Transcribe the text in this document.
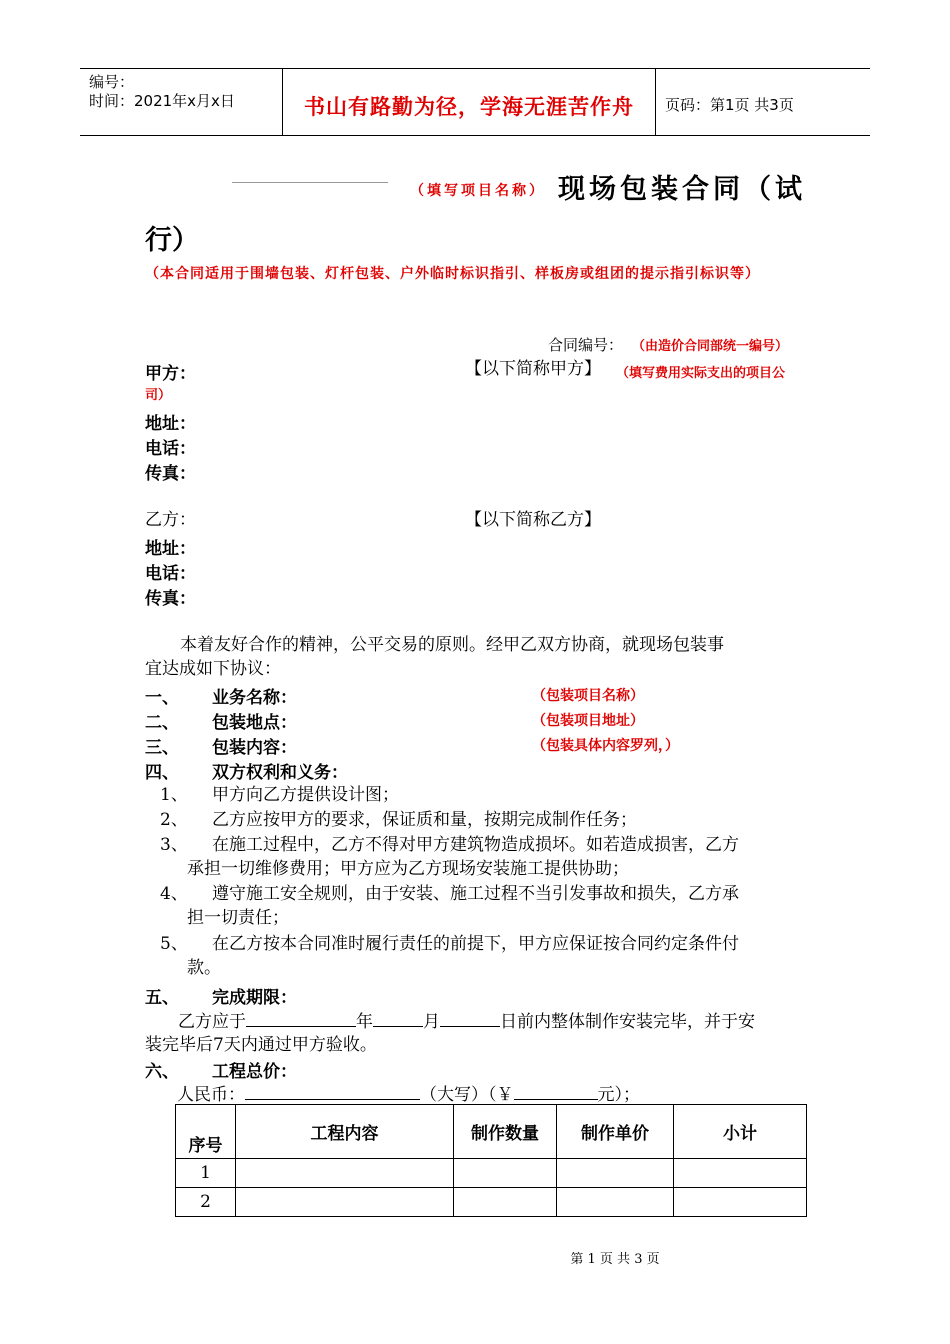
编号：
时间：2021年x月x日	书山有路勤为径，学海无涯苦作舟	页码：第1页 共3页
（填写项目名称） 现场包装合同（试
行）
（本合同适用于围墙包装、灯杆包装、户外临时标识指引、样板房或组团的提示指引标识等）
合同编号： （由造价合同部统一编号）
甲方：	【以下简称甲方】 （填写费用实际支出的项目公
司）
地址：
电话：
传真：
乙方：	【以下简称乙方】
地址：
电话：
传真：
本着友好合作的精神，公平交易的原则。经甲乙双方协商，就现场包装事
宜达成如下协议：
一、 业务名称：	（包装项目名称）
二、 包装地点：	（包装项目地址）
三、 包装内容：	（包装具体内容罗列，）
四、 双方权利和义务：
1、 甲方向乙方提供设计图；
2、 乙方应按甲方的要求，保证质和量，按期完成制作任务；
3、 在施工过程中，乙方不得对甲方建筑物造成损坏。如若造成损害，乙方
承担一切维修费用；甲方应为乙方现场安装施工提供协助；
4、 遵守施工安全规则，由于安装、施工过程不当引发事故和损失，乙方承
担一切责任；
5、 在乙方按本合同准时履行责任的前提下，甲方应保证按合同约定条件付
款。
五、 完成期限：
乙方应于	年	月	日前内整体制作安装完毕，并于安
装完毕后7天内通过甲方验收。
六、 工程总价：
人民币：	（大写）（￥	元）；
序号	工程内容	制作数量	制作单价	小计
1				
2				
第 1 页 共 3 页
